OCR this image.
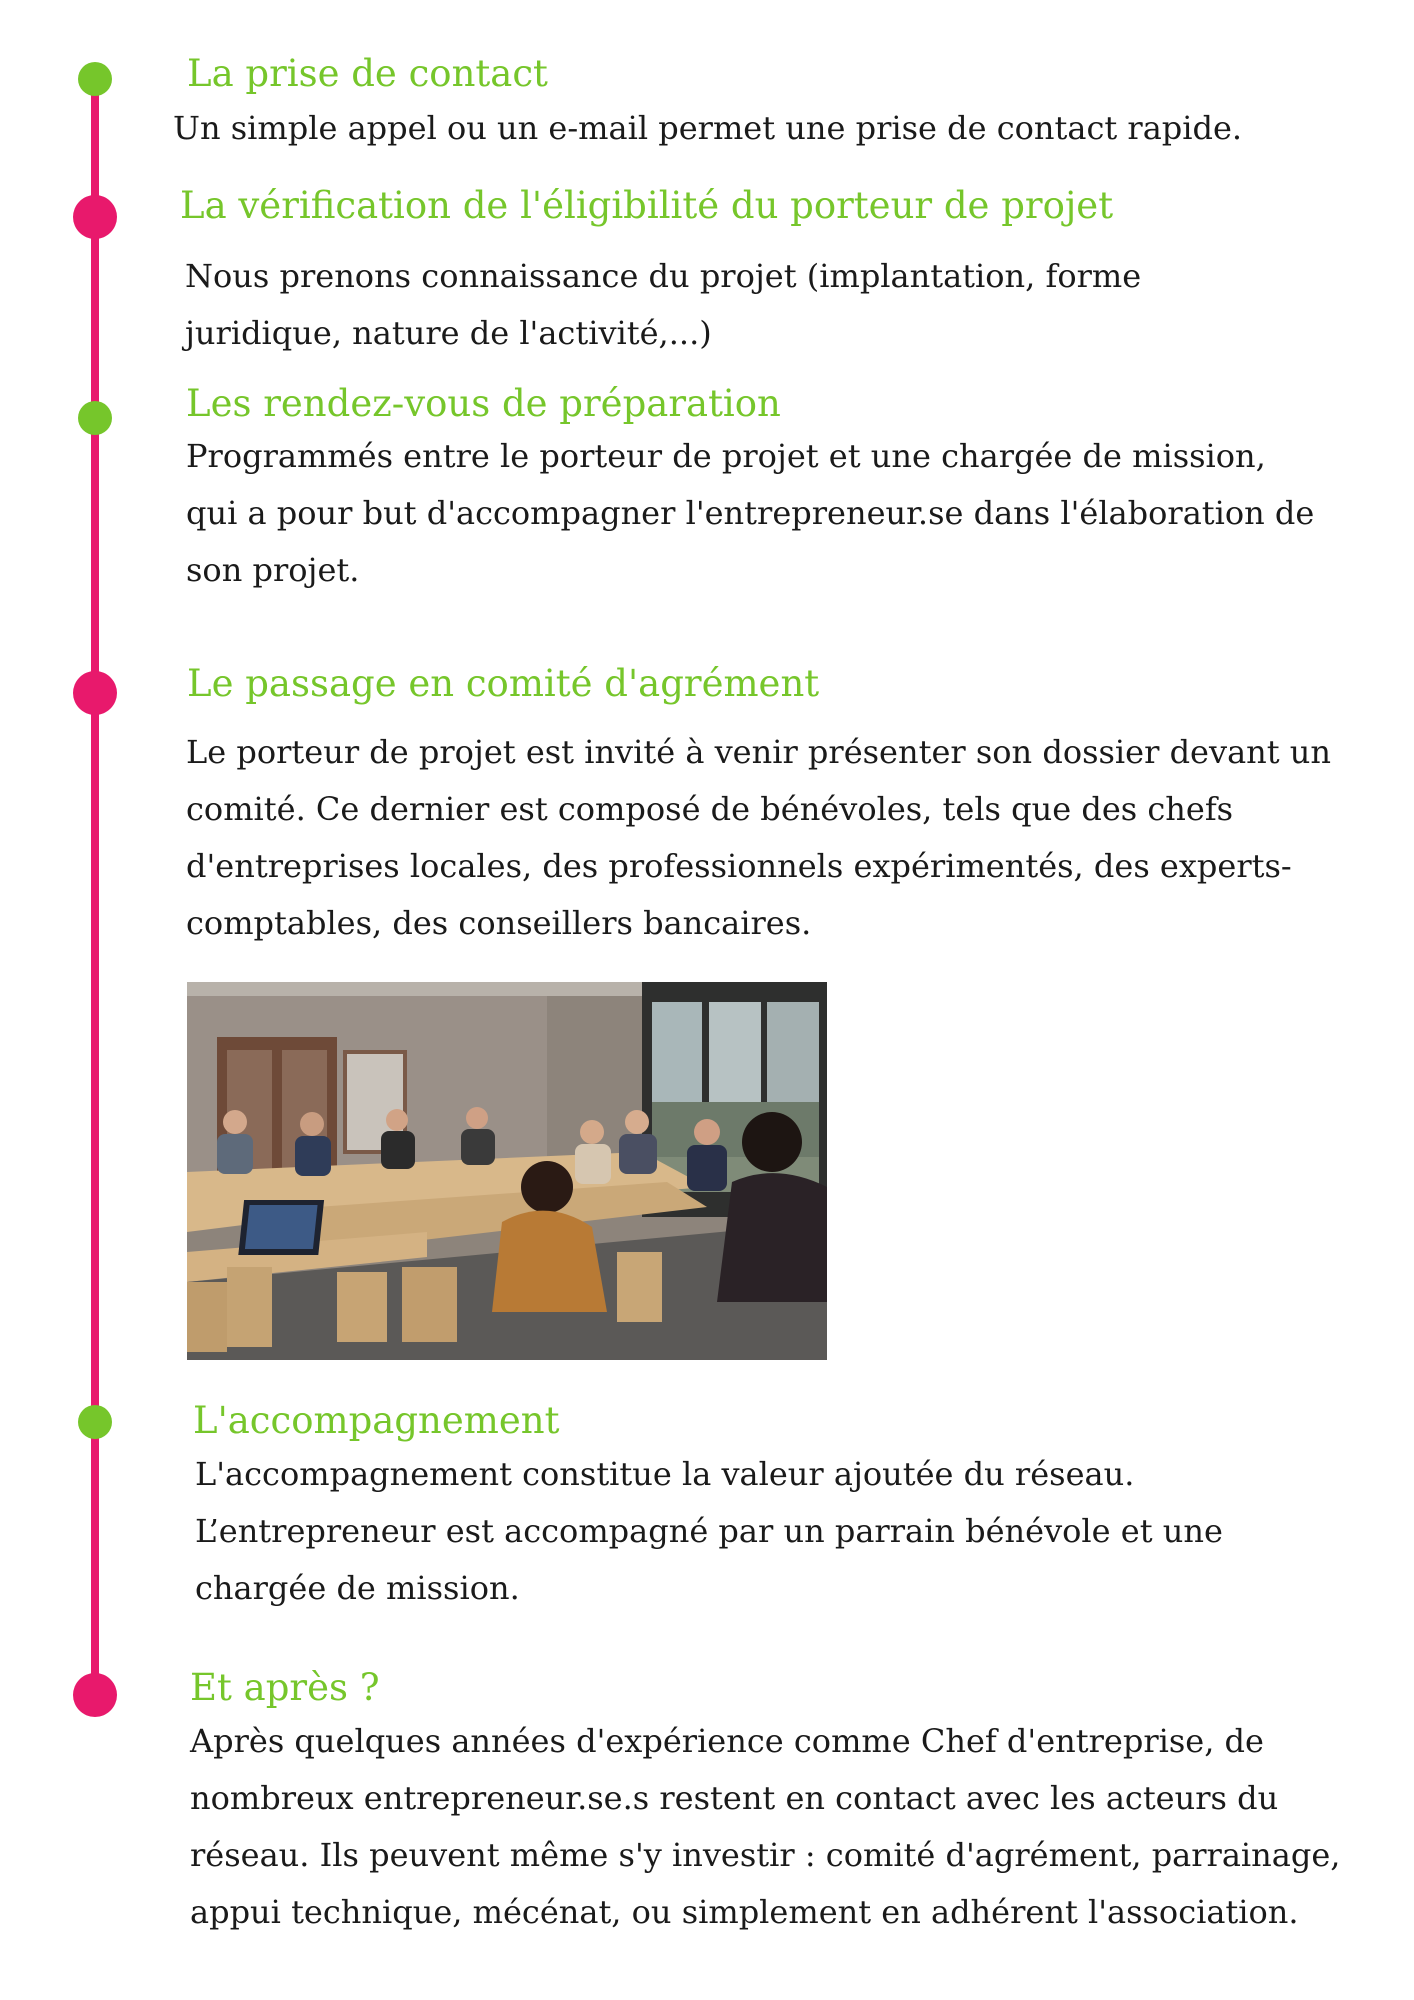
La prise de contact

Un simple appel ou un e-mail permet une prise de contact rapide.

La vérification de l'éligibilité du porteur de projet

Nous prenons connaissance du projet (implantation, forme juridique, nature de l'activité,...)

Les rendez-vous de préparation

Programmés entre le porteur de projet et une chargée de mission, qui a pour but d'accompagner l'entrepreneur.se dans l'élaboration de son projet.

Le passage en comité d'agrément

Le porteur de projet est invité à venir présenter son dossier devant un comité. Ce dernier est composé de bénévoles, tels que des chefs d'entreprises locales, des professionnels expérimentés, des experts-comptables, des conseillers bancaires.

L'accompagnement

L'accompagnement constitue la valeur ajoutée du réseau. L’entrepreneur est accompagné par un parrain bénévole et une chargée de mission.

Et après ?

Après quelques années d'expérience comme Chef d'entreprise, de nombreux entrepreneur.se.s restent en contact avec les acteurs du réseau. Ils peuvent même s'y investir : comité d'agrément, parrainage, appui technique, mécénat, ou simplement en adhérent l'association.
